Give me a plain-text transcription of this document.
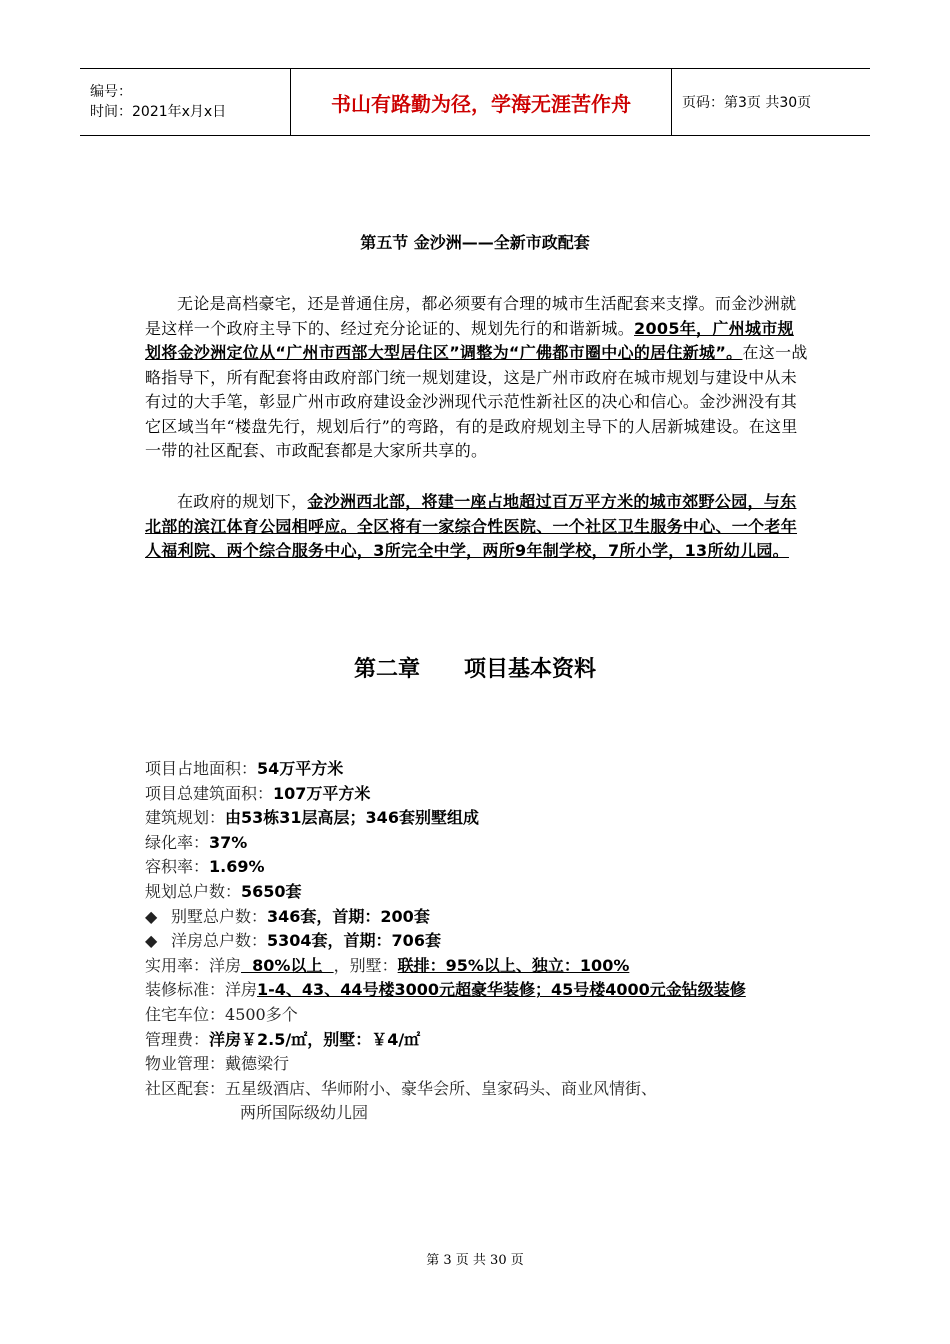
编号：
时间：2021年x月x日	书山有路勤为径，学海无涯苦作舟	页码：第3页 共30页
第五节 金沙洲——全新市政配套

无论是高档豪宅，还是普通住房，都必须要有合理的城市生活配套来支撑。而金沙洲就是这样一个政府主导下的、经过充分论证的、规划先行的和谐新城。2005年，广州城市规划将金沙洲定位从“广州市西部大型居住区”调整为“广佛都市圈中心的居住新城”。在这一战略指导下，所有配套将由政府部门统一规划建设，这是广州市政府在城市规划与建设中从未有过的大手笔，彰显广州市政府建设金沙洲现代示范性新社区的决心和信心。金沙洲没有其它区域当年“楼盘先行，规划后行”的弯路，有的是政府规划主导下的人居新城建设。在这里一带的社区配套、市政配套都是大家所共享的。

在政府的规划下，金沙洲西北部，将建一座占地超过百万平方米的城市郊野公园，与东北部的滨江体育公园相呼应。全区将有一家综合性医院、一个社区卫生服务中心、一个老年人福利院、两个综合服务中心，3所完全中学，两所9年制学校，7所小学，13所幼儿园。

第二章 项目基本资料
项目占地面积：54万平方米
项目总建筑面积：107万平方米
建筑规划：由53栋31层高层；346套别墅组成
绿化率：37%
容积率：1.69%
规划总户数：5650套
◆ 别墅总户数：346套，首期：200套
◆ 洋房总户数：5304套，首期：706套
实用率：洋房  80%以上  ，别墅：联排：95%以上、独立：100%
装修标准：洋房1-4、43、44号楼3000元超豪华装修；45号楼4000元金钻级装修
住宅车位：4500多个
管理费：洋房￥2.5/㎡，别墅：￥4/㎡
物业管理：戴德梁行
社区配套：五星级酒店、华师附小、豪华会所、皇家码头、商业风情街、
两所国际级幼儿园
第 3 页 共 30 页
